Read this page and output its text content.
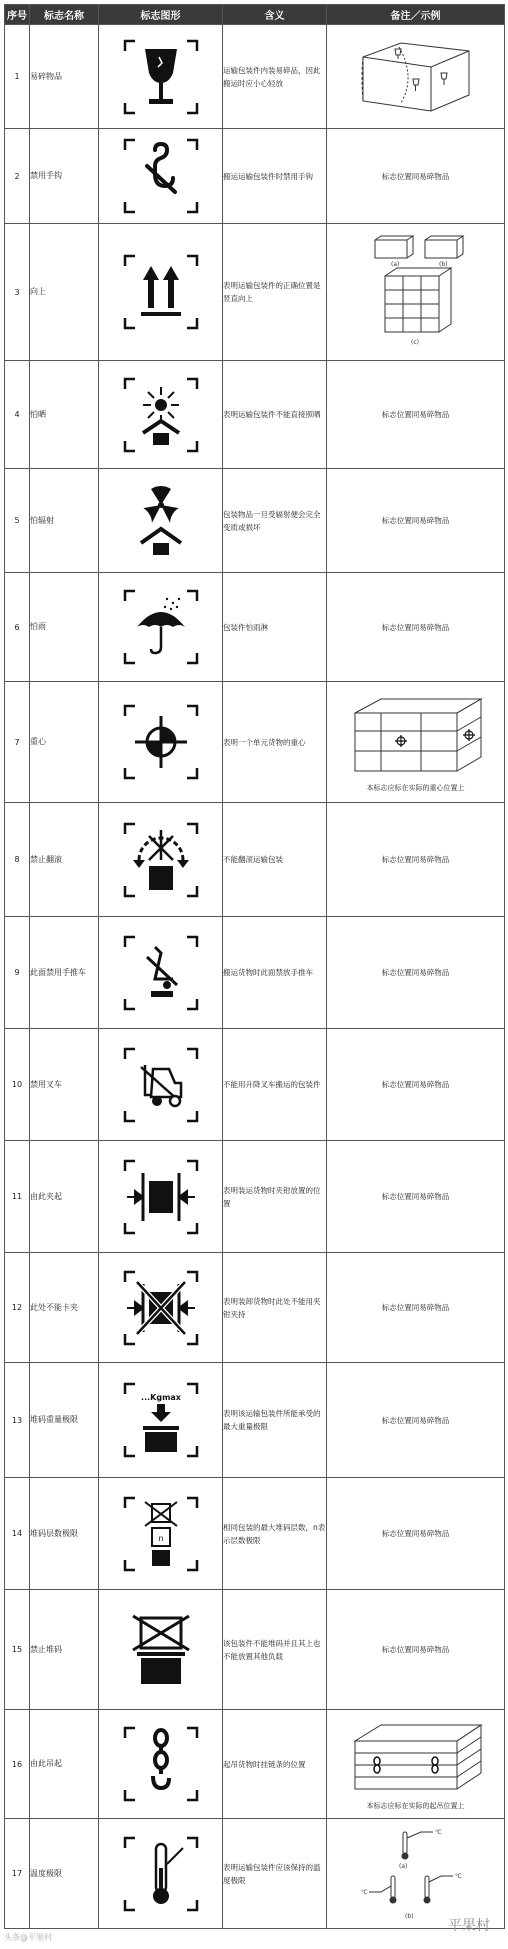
序号	标志名称	标志图形	含义	备注／示例
1	易碎物品		运输包装件内装易碎品，因此搬运时应小心轻放	

2	禁用手钩		搬运运输包装件时禁用手钩	标志位置同易碎物品
3	向上		表明运输包装件的正确位置是竖直向上	(a) (b)
(c)

4	怕晒		表明运输包装件不能直接照晒	标志位置同易碎物品
5	怕辐射		包装物品一旦受辐射便会完全变质或损坏	标志位置同易碎物品
6	怕雨		包装件怕雨淋	标志位置同易碎物品
7	重心		表明一个单元货物的重心	本标志应标在实际的重心位置上

8	禁止翻滚		不能翻滚运输包装	标志位置同易碎物品
9	此面禁用手推车		搬运货物时此面禁放手推车	标志位置同易碎物品
10	禁用叉车		不能用升降叉车搬运的包装件	标志位置同易碎物品
11	由此夹起		表明装运货物时夹钳放置的位置	标志位置同易碎物品
12	此处不能卡夹		表明装卸货物时此处不能用夹钳夹持	标志位置同易碎物品
13	堆码重量极限	...Kgmax	表明该运输包装件所能承受的最大重量极限	标志位置同易碎物品
14	堆码层数极限	n	相同包装的最大堆码层数，n表示层数极限	标志位置同易碎物品
15	禁止堆码		该包装件不能堆码并且其上也不能放置其他负载	标志位置同易碎物品
16	由此吊起		起吊货物时挂链条的位置	本标志应标在实际的起吊位置上

17	温度极限		表明运输包装件应该保持的温度极限	℃
℃
℃
(a)
(b)
头条@平果村
平果村
